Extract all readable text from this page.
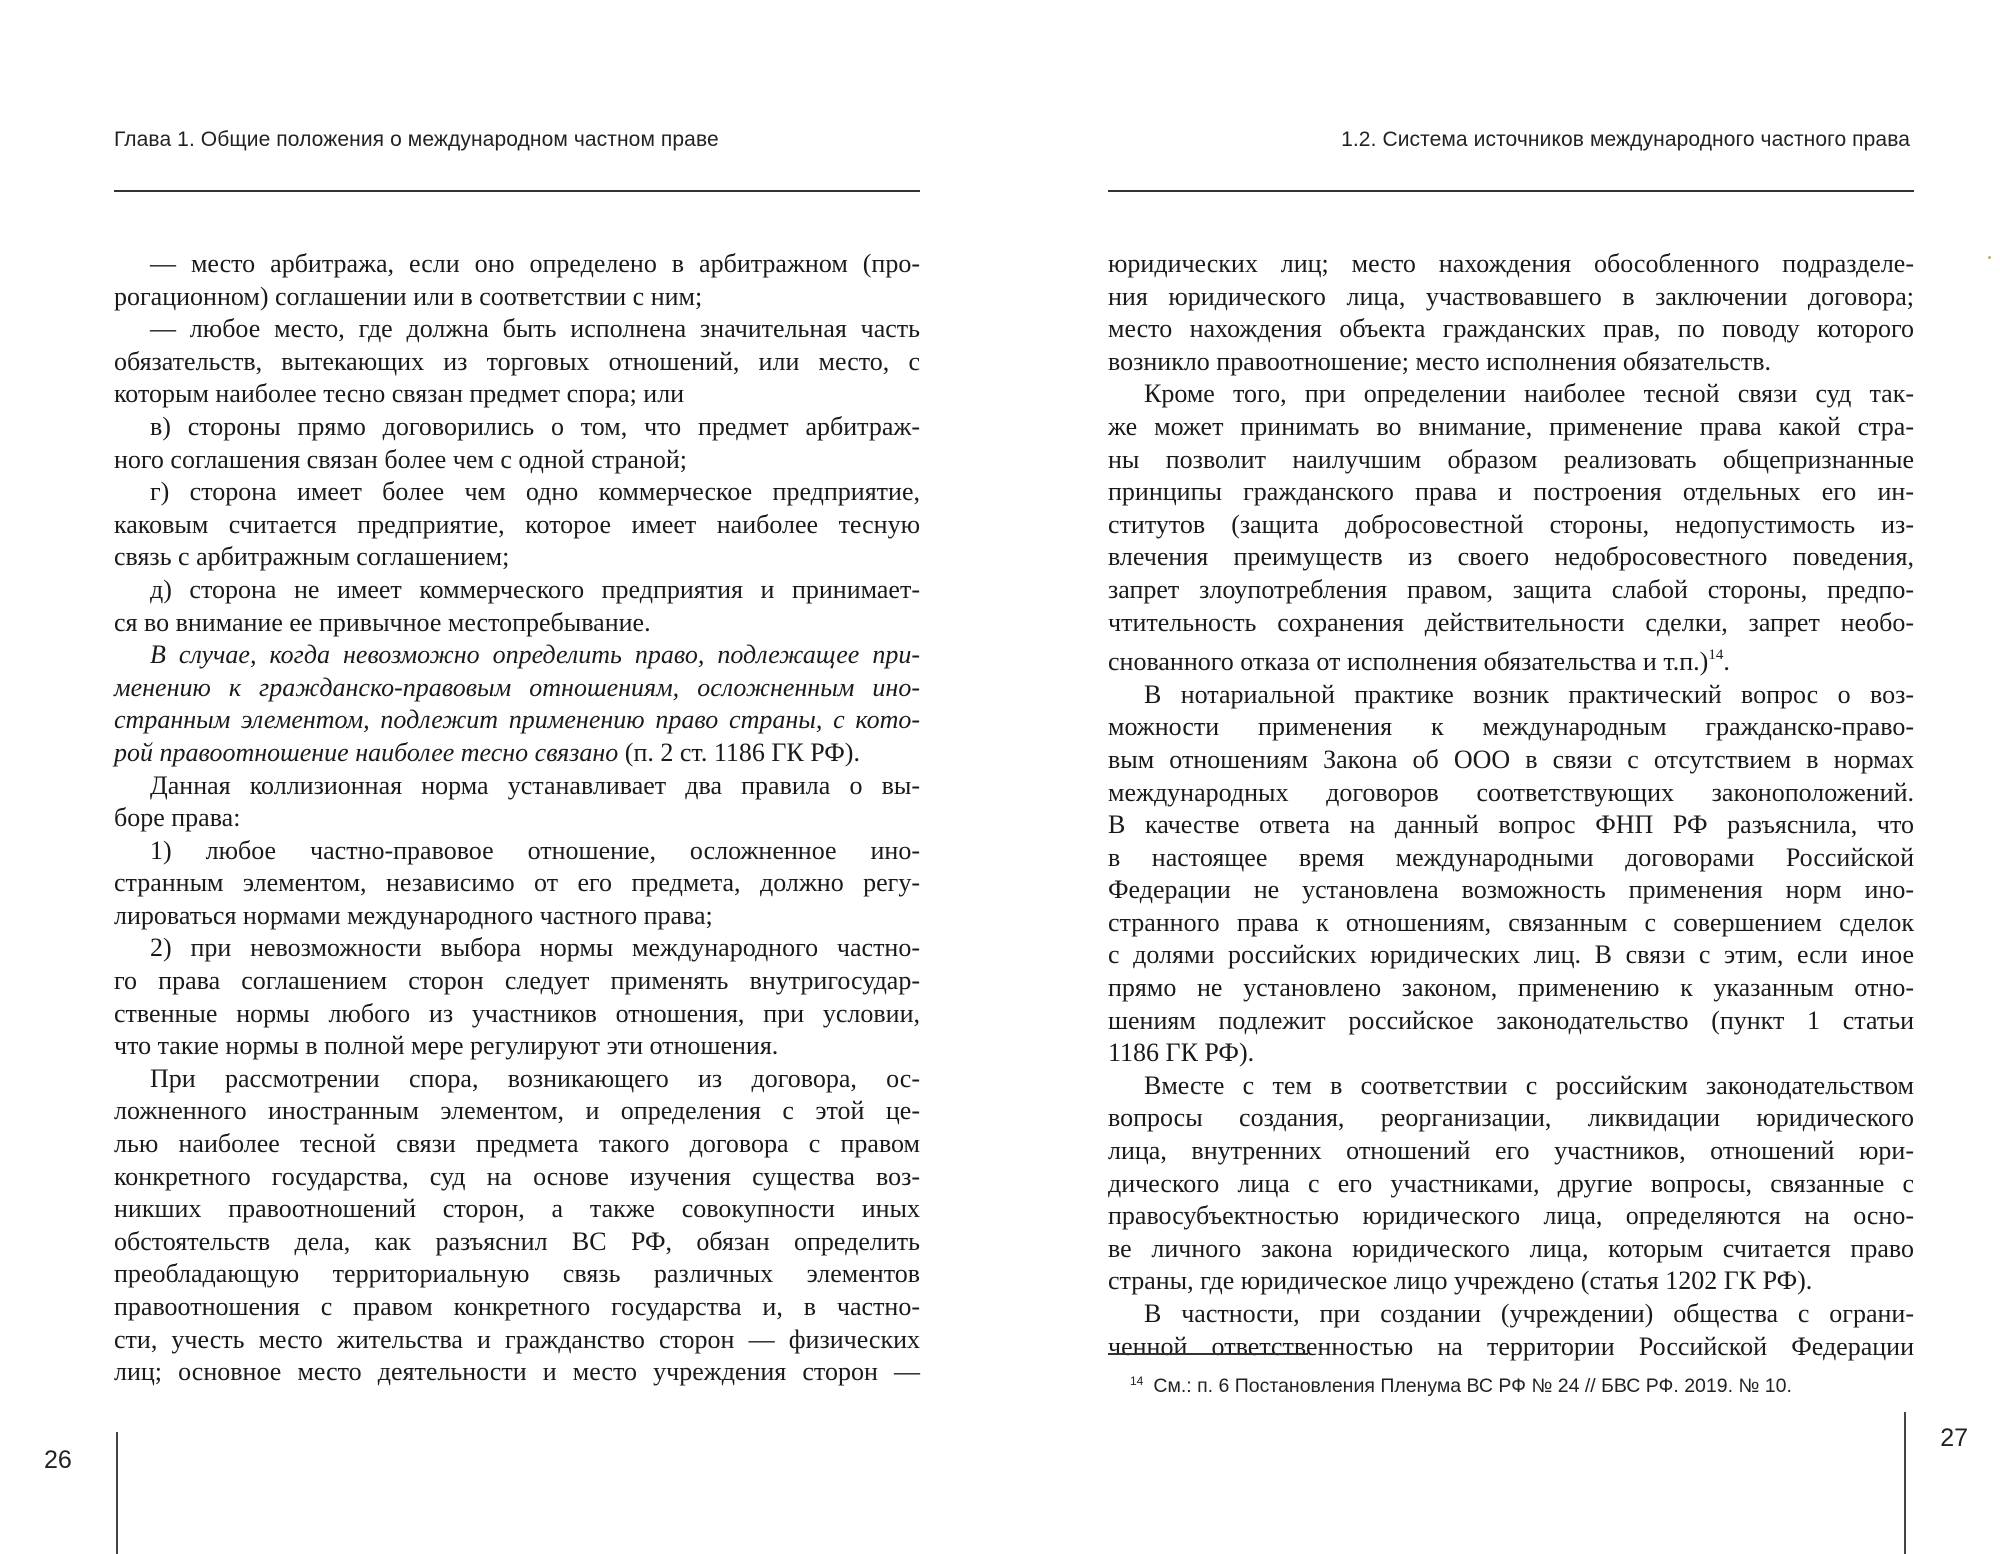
Глава 1. Общие положения о международном частном праве
— место арбитража, если оно определено в арбитражном (про-
рогационном) соглашении или в соответствии с ним;
— любое место, где должна быть исполнена значительная часть
обязательств, вытекающих из торговых отношений, или место, с
которым наиболее тесно связан предмет спора; или
в) стороны прямо договорились о том, что предмет арбитраж-
ного соглашения связан более чем с одной страной;
г) сторона имеет более чем одно коммерческое предприятие,
каковым считается предприятие, которое имеет наиболее тесную
связь с арбитражным соглашением;
д) сторона не имеет коммерческого предприятия и принимает-
ся во внимание ее привычное местопребывание.
В случае, когда невозможно определить право, подлежащее при-
менению к гражданско-правовым отношениям, осложненным ино-
странным элементом, подлежит применению право страны, с кото-
рой правоотношение наиболее тесно связано (п. 2 ст. 1186 ГК РФ).
Данная коллизионная норма устанавливает два правила о вы-
боре права:
1) любое частно-правовое отношение, осложненное ино-
странным элементом, независимо от его предмета, должно регу-
лироваться нормами международного частного права;
2) при невозможности выбора нормы международного частно-
го права соглашением сторон следует применять внутригосудар-
ственные нормы любого из участников отношения, при условии,
что такие нормы в полной мере регулируют эти отношения.
При рассмотрении спора, возникающего из договора, ос-
ложненного иностранным элементом, и определения с этой це-
лью наиболее тесной связи предмета такого договора с правом
конкретного государства, суд на основе изучения существа воз-
никших правоотношений сторон, а также совокупности иных
обстоятельств дела, как разъяснил ВС РФ, обязан определить
преобладающую территориальную связь различных элементов
правоотношения с правом конкретного государства и, в частно-
сти, учесть место жительства и гражданство сторон — физических
лиц; основное место деятельности и место учреждения сторон —
26
1.2. Система источников международного частного права
юридических лиц; место нахождения обособленного подразделе-
ния юридического лица, участвовавшего в заключении договора;
место нахождения объекта гражданских прав, по поводу которого
возникло правоотношение; место исполнения обязательств.
Кроме того, при определении наиболее тесной связи суд так-
же может принимать во внимание, применение права какой стра-
ны позволит наилучшим образом реализовать общепризнанные
принципы гражданского права и построения отдельных его ин-
ститутов (защита добросовестной стороны, недопустимость из-
влечения преимуществ из своего недобросовестного поведения,
запрет злоупотребления правом, защита слабой стороны, предпо-
чтительность сохранения действительности сделки, запрет необо-
снованного отказа от исполнения обязательства и т.п.)$^{14}$.
В нотариальной практике возник практический вопрос о воз-
можности применения к международным гражданско-право-
вым отношениям Закона об ООО в связи с отсутствием в нормах
международных договоров соответствующих законоположений.
В качестве ответа на данный вопрос ФНП РФ разъяснила, что
в настоящее время международными договорами Российской
Федерации не установлена возможность применения норм ино-
странного права к отношениям, связанным с совершением сделок
с долями российских юридических лиц. В связи с этим, если иное
прямо не установлено законом, применению к указанным отно-
шениям подлежит российское законодательство (пункт 1 статьи
1186 ГК РФ).
Вместе с тем в соответствии с российским законодательством
вопросы создания, реорганизации, ликвидации юридического
лица, внутренних отношений его участников, отношений юри-
дического лица с его участниками, другие вопросы, связанные с
правосубъектностью юридического лица, определяются на осно-
ве личного закона юридического лица, которым считается право
страны, где юридическое лицо учреждено (статья 1202 ГК РФ).
В частности, при создании (учреждении) общества с ограни-
ченной ответственностью на территории Российской Федерации
$^{14}$ См.: п. 6 Постановления Пленума ВС РФ № 24 // БВС РФ. 2019. № 10.
27
